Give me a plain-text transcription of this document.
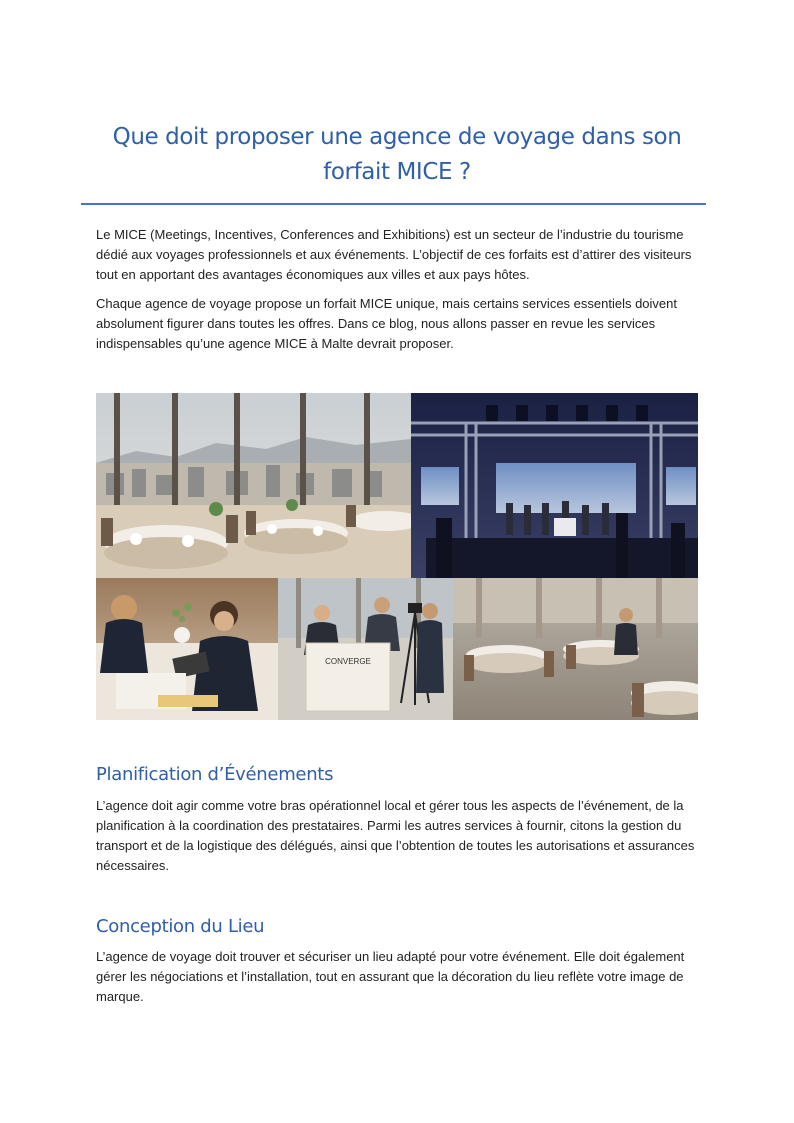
Que doit proposer une agence de voyage dans son forfait MICE ?

Le MICE (Meetings, Incentives, Conferences and Exhibitions) est un secteur de l’industrie du tourisme dédié aux voyages professionnels et aux événements. L’objectif de ces forfaits est d’attirer des visiteurs tout en apportant des avantages économiques aux villes et aux pays hôtes.

Chaque agence de voyage propose un forfait MICE unique, mais certains services essentiels doivent absolument figurer dans toutes les offres. Dans ce blog, nous allons passer en revue les services indispensables qu’une agence MICE à Malte devrait proposer.

CONVERGE
Planification d’Événements

L’agence doit agir comme votre bras opérationnel local et gérer tous les aspects de l’événement, de la planification à la coordination des prestataires. Parmi les autres services à fournir, citons la gestion du transport et de la logistique des délégués, ainsi que l’obtention de toutes les autorisations et assurances nécessaires.

Conception du Lieu

L’agence de voyage doit trouver et sécuriser un lieu adapté pour votre événement. Elle doit également gérer les négociations et l’installation, tout en assurant que la décoration du lieu reflète votre image de marque.
